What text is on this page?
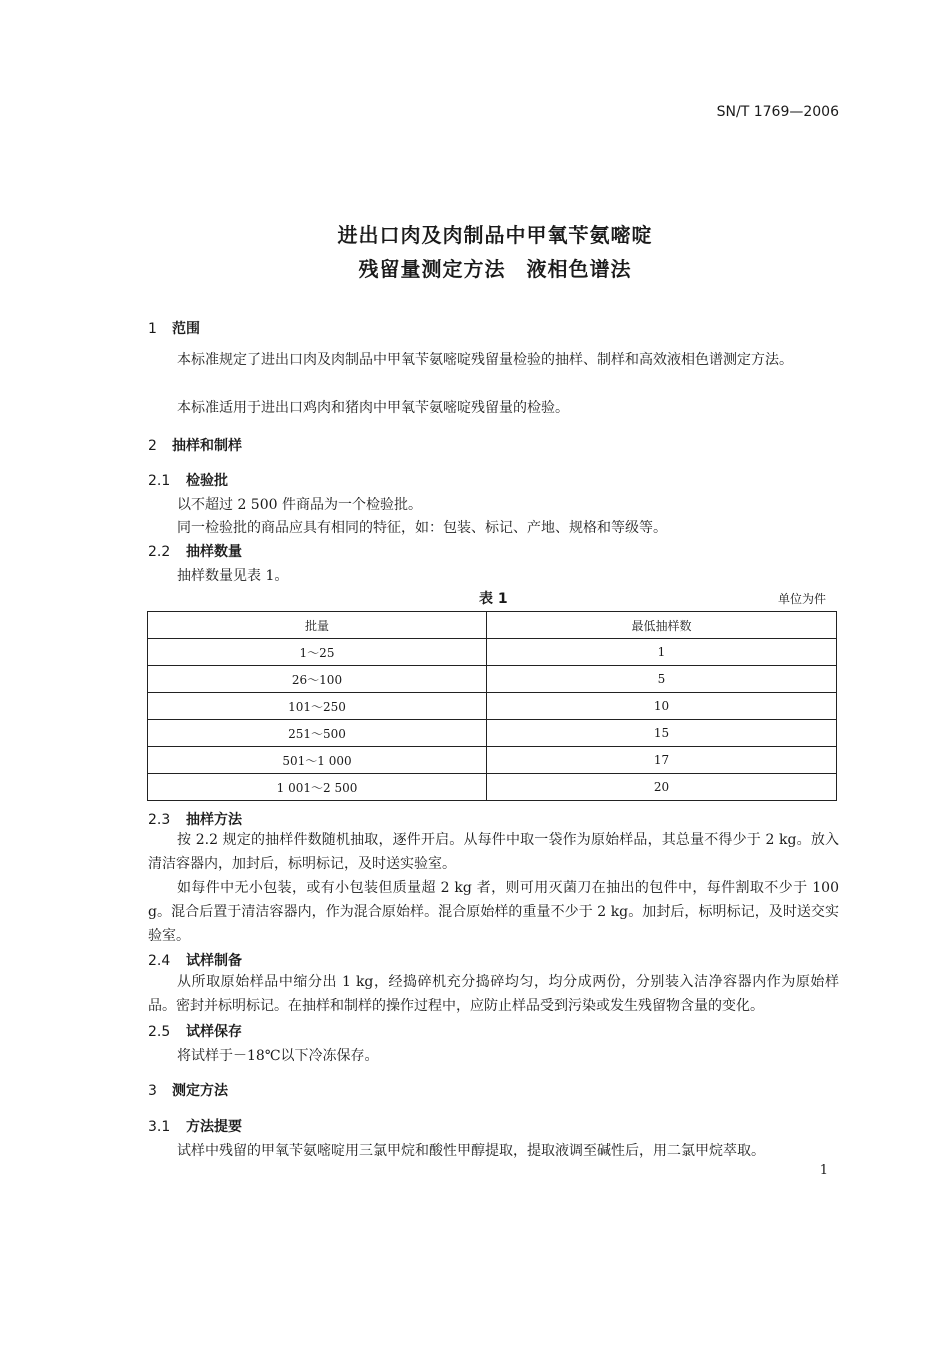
SN/T 1769—2006
进出口肉及肉制品中甲氧苄氨嘧啶
残留量测定方法　液相色谱法
1 范围
本标准规定了进出口肉及肉制品中甲氧苄氨嘧啶残留量检验的抽样、制样和高效液相色谱测定方法。
本标准适用于进出口鸡肉和猪肉中甲氧苄氨嘧啶残留量的检验。
2 抽样和制样
2.1 检验批
以不超过 2 500 件商品为一个检验批。
同一检验批的商品应具有相同的特征，如：包装、标记、产地、规格和等级等。
2.2 抽样数量
抽样数量见表 1。
表 1	单位为件
批量	最低抽样数
1～25	1
26～100	5
101～250	10
251～500	15
501～1 000	17
1 001～2 500	20
2.3 抽样方法
按 2.2 规定的抽样件数随机抽取，逐件开启。从每件中取一袋作为原始样品，其总量不得少于 2 kg。放入清洁容器内，加封后，标明标记，及时送实验室。
如每件中无小包装，或有小包装但质量超 2 kg 者，则可用灭菌刀在抽出的包件中，每件割取不少于 100 g。混合后置于清洁容器内，作为混合原始样。混合原始样的重量不少于 2 kg。加封后，标明标记，及时送交实验室。
2.4 试样制备
从所取原始样品中缩分出 1 kg，经捣碎机充分捣碎均匀，均分成两份，分别装入洁净容器内作为原始样品。密封并标明标记。在抽样和制样的操作过程中，应防止样品受到污染或发生残留物含量的变化。
2.5 试样保存
将试样于－18℃以下冷冻保存。
3 测定方法
3.1 方法提要
试样中残留的甲氧苄氨嘧啶用三氯甲烷和酸性甲醇提取，提取液调至碱性后，用二氯甲烷萃取。
1
